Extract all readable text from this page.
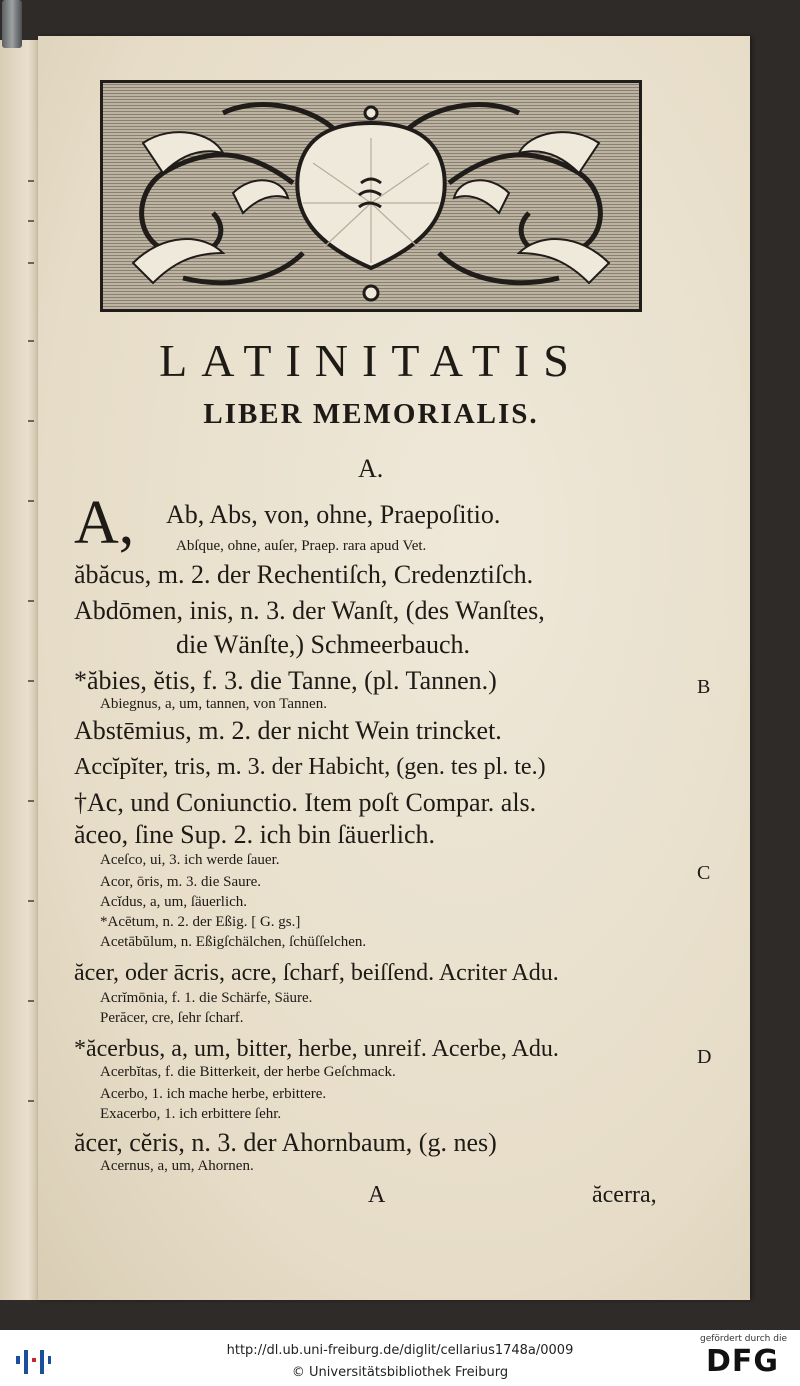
LATINITATIS
LIBER MEMORIALIS.
A.
A, Ab, Abs, von, ohne, Praepoſitio.
Abſque, ohne, auſer, Praep. rara apud Vet.
ăbăcus, m. 2. der Rechentiſch, Credenztiſch.
Abdōmen, inis, n. 3. der Wanſt, (des Wanſtes,
die Wänſte,) Schmeerbauch.
*ăbies, ĕtis, f. 3. die Tanne, (pl. Tannen.)
Abiegnus, a, um, tannen, von Tannen.
Abstēmius, m. 2. der nicht Wein trincket.
Accĭpĭter, tris, m. 3. der Habicht, (gen. tes pl. te.)
†Ac, und Coniunctio. Item poſt Compar. als.
ăceo, ſine Sup. 2. ich bin ſäuerlich.
Aceſco, ui, 3. ich werde ſauer.
Acor, ōris, m. 3. die Saure.
Acĭdus, a, um, ſäuerlich.
*Acētum, n. 2. der Eßig. [ G. gs.]
Acetābŭlum, n. Eßigſchälchen, ſchüſſelchen.
ăcer, oder ācris, acre, ſcharf, beiſſend. Acriter Adu.
Acrĭmōnia, f. 1. die Schärfe, Säure.
Perăcer, cre, ſehr ſcharf.
*ăcerbus, a, um, bitter, herbe, unreif. Acerbe, Adu.
Acerbĭtas, f. die Bitterkeit, der herbe Geſchmack.
Acerbo, 1. ich mache herbe, erbittere.
Exacerbo, 1. ich erbittere ſehr.
ăcer, cĕris, n. 3. der Ahornbaum, (g. nes)
Acernus, a, um, Ahornen.
B
C
D
A	ăcerra,
http://dl.ub.uni-freiburg.de/diglit/cellarius1748a/0009
© Universitätsbibliothek Freiburg
gefördert durch die
DFG
